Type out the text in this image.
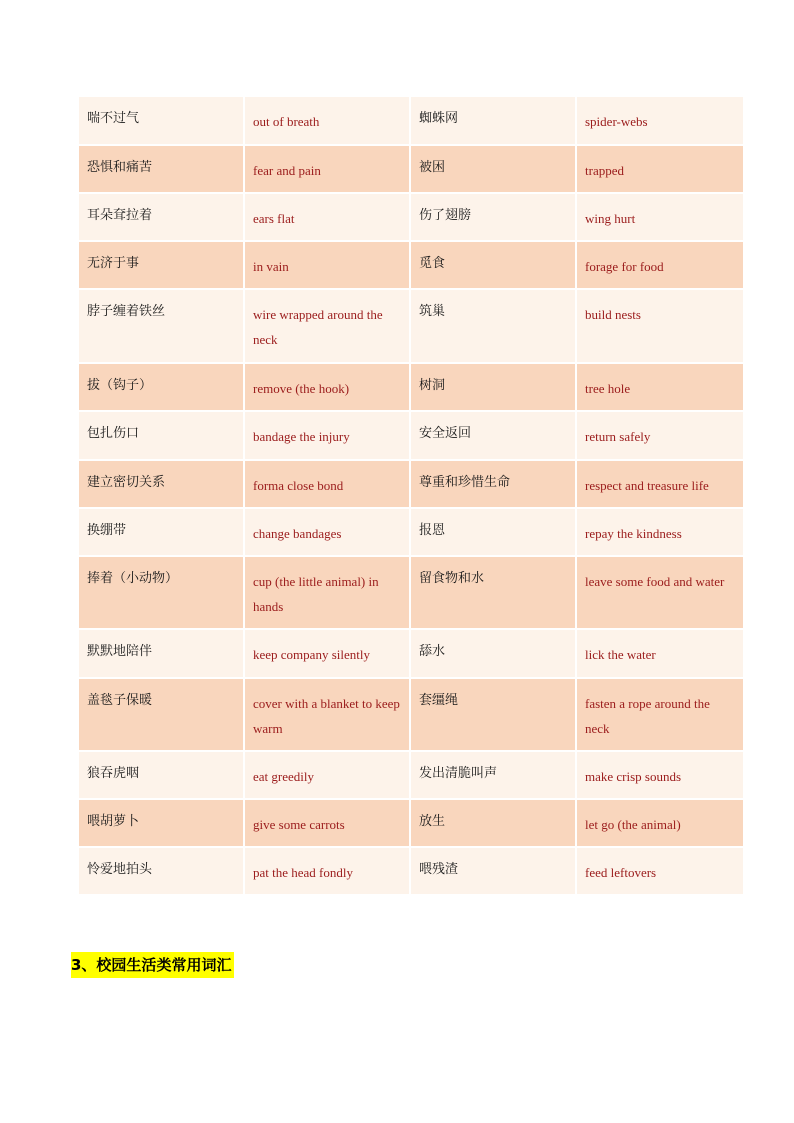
喘不过气	out of breath	蜘蛛网	spider-webs
恐惧和痛苦	fear and pain	被困	trapped
耳朵耷拉着	ears flat	伤了翅膀	wing hurt
无济于事	in vain	觅食	forage for food
脖子缠着铁丝	wire wrapped around the neck	筑巢	build nests
拔（钩子）	remove (the hook)	树洞	tree hole
包扎伤口	bandage the injury	安全返回	return safely
建立密切关系	forma close bond	尊重和珍惜生命	respect and treasure life
换绷带	change bandages	报恩	repay the kindness
捧着（小动物）	cup (the little animal) in hands	留食物和水	leave some food and water
默默地陪伴	keep company silently	舔水	lick the water
盖毯子保暖	cover with a blanket to keep warm	套缰绳	fasten a rope around the neck
狼吞虎咽	eat greedily	发出清脆叫声	make crisp sounds
喂胡萝卜	give some carrots	放生	let go (the animal)
怜爱地拍头	pat the head fondly	喂残渣	feed leftovers
3、校园生活类常用词汇
